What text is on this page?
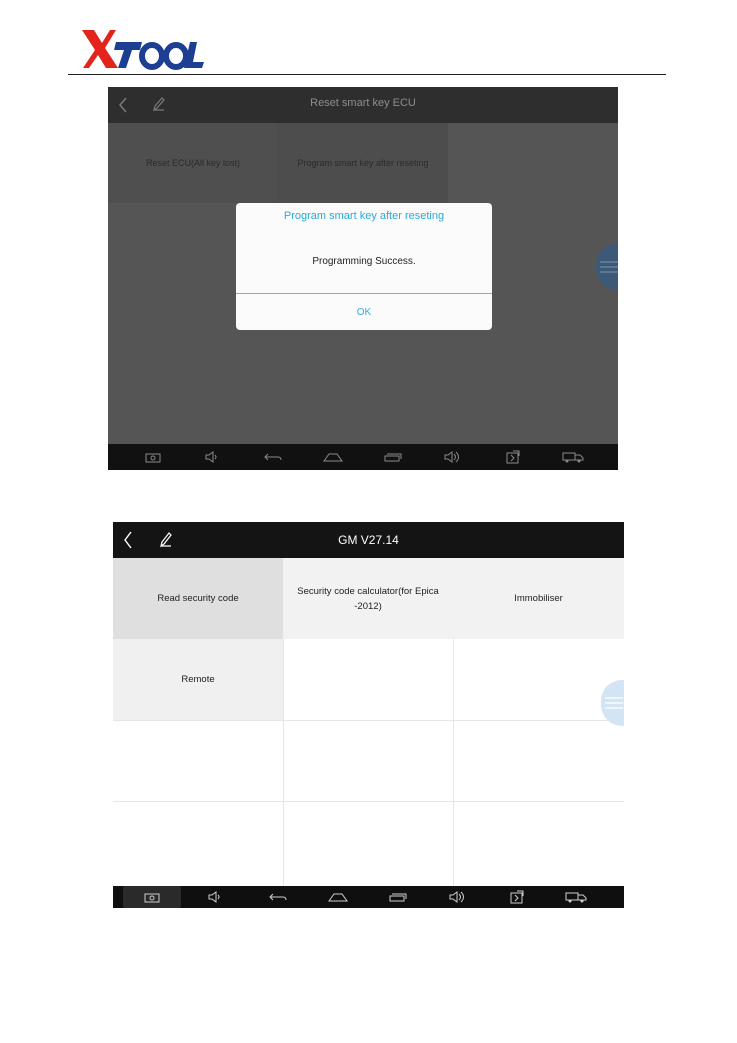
Reset smart key ECU
Reset ECU(All key lost)	Program smart key after reseting
Program smart key after reseting
Programming Success.
OK
GM V27.14
Read security code
Security code calculator(for Epica -2012)
Immobiliser
Remote
